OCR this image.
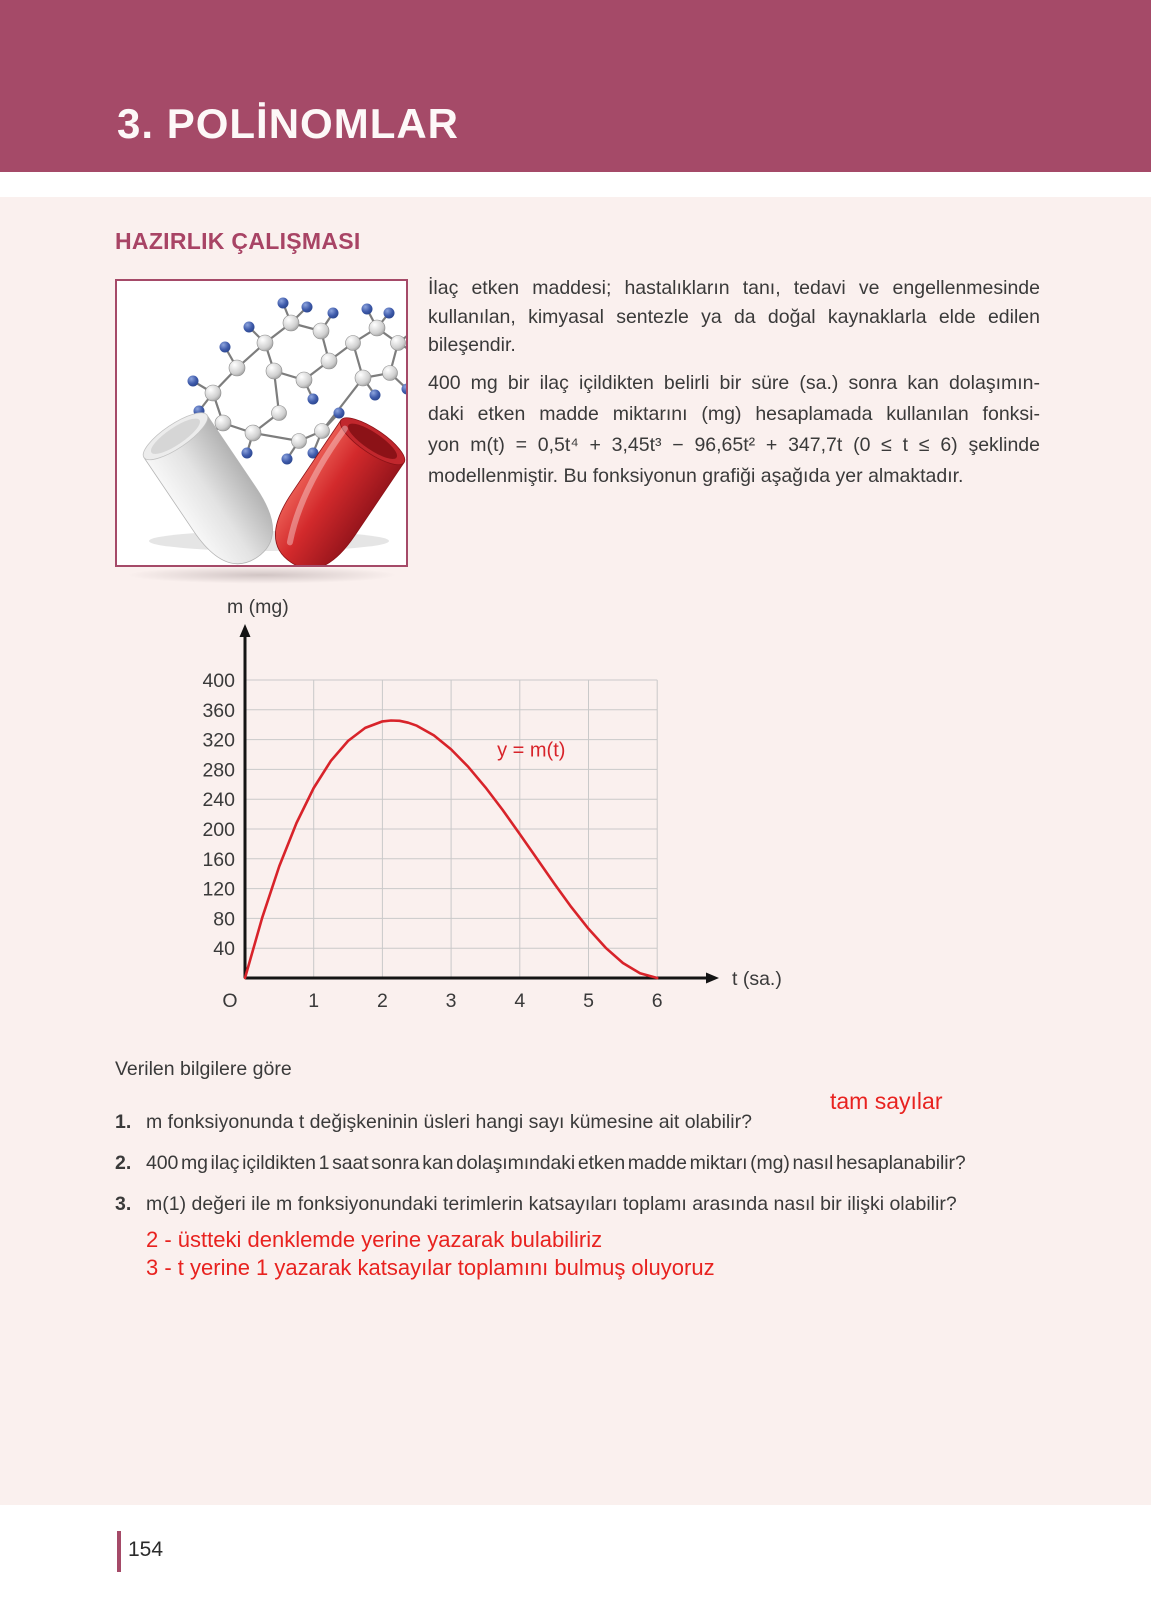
3. POLİNOMLAR
HAZIRLIK ÇALIŞMASI
İlaç etken maddesi; hastalıkların tanı, tedavi ve engellenmesinde
kullanılan, kimyasal sentezle ya da doğal kaynaklarla elde edilen
bileşendir.
400 mg bir ilaç içildikten belirli bir süre (sa.) sonra kan dolaşımın-
daki etken madde miktarını (mg) hesaplamada kullanılan fonksi-
yon m(t) = 0,5t⁴ + 3,45t³ − 96,65t² + 347,7t (0 ≤ t ≤ 6) şeklinde
modellenmiştir. Bu fonksiyonun grafiği aşağıda yer almaktadır.
40
80
120
160
200
240
280
320
360
400
1	2	3	4	5	6
O
m (mg)
t (sa.)
y = m(t)
Verilen bilgilere göre
tam sayılar
1. m fonksiyonunda t değişkeninin üsleri hangi sayı kümesine ait olabilir?
2. 400 mg ilaç içildikten 1 saat sonra kan dolaşımındaki etken madde miktarı (mg) nasıl hesaplanabilir?
3. m(1) değeri ile m fonksiyonundaki terimlerin katsayıları toplamı arasında nasıl bir ilişki olabilir?
2 - üstteki denklemde yerine yazarak bulabiliriz
3 - t yerine 1 yazarak katsayılar toplamını bulmuş oluyoruz
154
